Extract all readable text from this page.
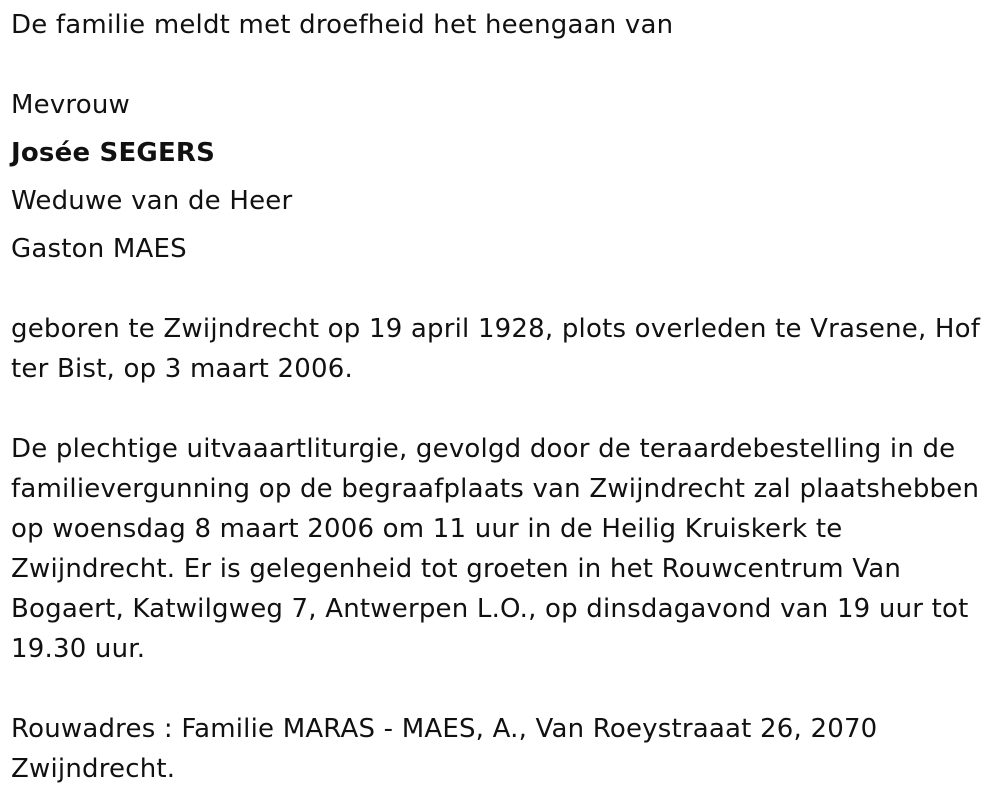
De familie meldt met droefheid het heengaan van
Mevrouw
Josée SEGERS
Weduwe van de Heer
Gaston MAES
geboren te Zwijndrecht op 19 april 1928, plots overleden te Vrasene, Hof
ter Bist, op 3 maart 2006.
De plechtige uitvaaartliturgie, gevolgd door de teraardebestelling in de
familievergunning op de begraafplaats van Zwijndrecht zal plaatshebben
op woensdag 8 maart 2006 om 11 uur in de Heilig Kruiskerk te
Zwijndrecht. Er is gelegenheid tot groeten in het Rouwcentrum Van
Bogaert, Katwilgweg 7, Antwerpen L.O., op dinsdagavond van 19 uur tot
19.30 uur.
Rouwadres : Familie MARAS - MAES, A., Van Roeystraaat 26, 2070
Zwijndrecht.
